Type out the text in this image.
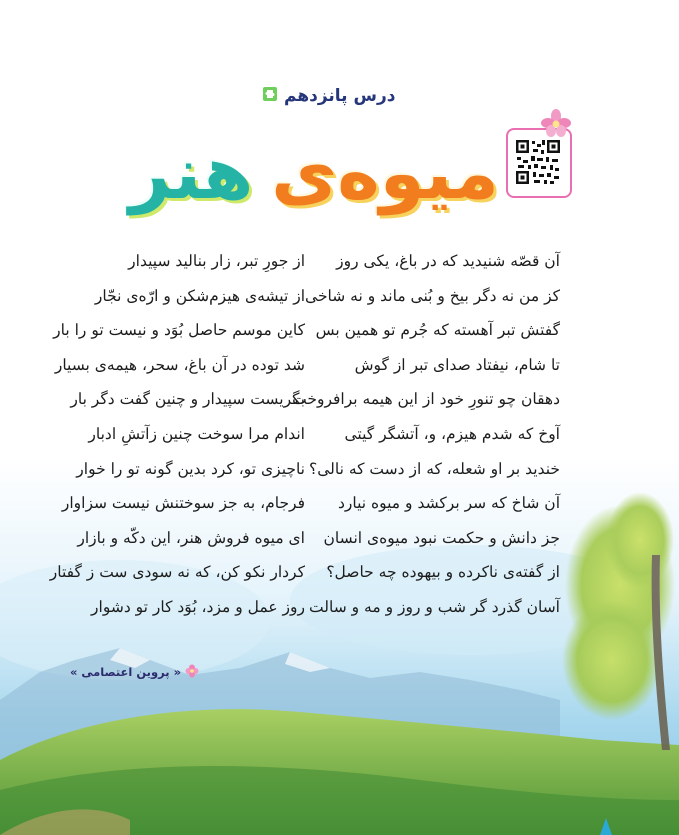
درس پانزدهم
میوه‌ی
هنر
آن قصّه شنیدید که در باغ، یکی روز
کز من نه دگر بیخ و بُنی ماند و نه شاخی
گفتش تبر آهسته که جُرم تو همین بس
تا شام، نیفتاد صدای تبر از گوش
دهقان چو تنورِ خود از این هیمه برافروخت
آوخ که شدم هیزم، و، آتشگر گیتی
خندید بر او شعله، که از دست که نالی؟
آن شاخ که سر برکشد و میوه نیارد
جز دانش و حکمت نبود میوه‌ی انسان
از گفته‌ی ناکرده و بیهوده چه حاصل؟
آسان گذرد گر شب و روز و مه و سالت
از جورِ تبر، زار بنالید سپیدار
از تیشه‌ی هیزم‌شکن و ارّه‌ی نجّار
کاین موسم حاصل بُوَد و نیست تو را بار
شد توده در آن باغ، سحر، هیمه‌ی بسیار
بگریست سپیدار و چنین گفت دگر بار
اندام مرا سوخت چنین زآتشِ ادبار
ناچیزی تو، کرد بدین گونه تو را خوار
فرجام، به جز سوختنش نیست سزاوار
ای میوه فروش هنر، این دکّه و بازار
کردار نکو کن، که نه سودی ست ز گفتار
روز عمل و مزد، بُوَد کار تو دشوار
« پروین اعتصامی »
